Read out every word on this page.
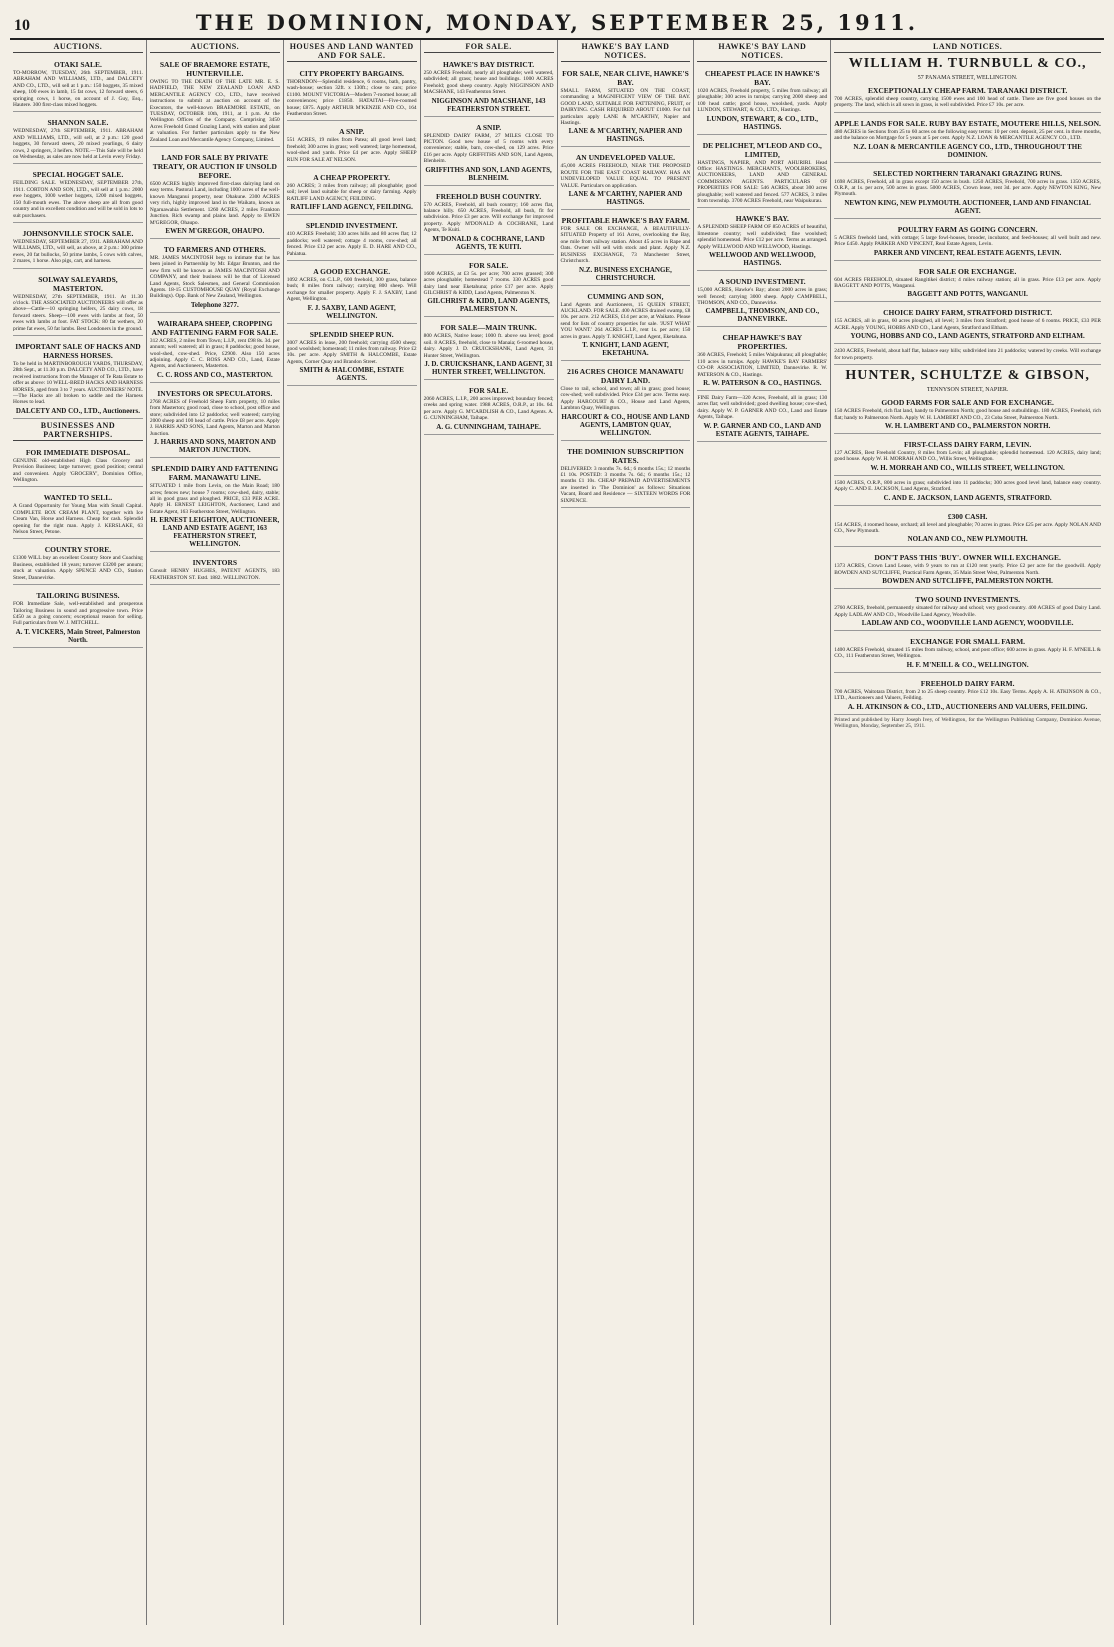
10	THE DOMINION, MONDAY, SEPTEMBER 25, 1911.
AUCTIONS.
OTAKI SALE.
TO-MORROW, TUESDAY, 26th SEPTEMBER, 1911. ABRAHAM AND WILLIAMS, LTD., and DALCETY AND CO., LTD., will sell at 1 p.m.: 150 hoggets, 35 mixed sheep, 100 ewes in lamb, 15 fat cows, 12 forward steers, 6 springing cows, 1 horse, on account of J. Guy, Esq., Hautere. 300 first-class mixed hoggets.
SHANNON SALE.
WEDNESDAY, 27th SEPTEMBER, 1911. ABRAHAM AND WILLIAMS, LTD., will sell, at 2 p.m.: 120 good hoggets, 30 forward steers, 20 mixed yearlings, 6 dairy cows, 2 springers, 3 heifers. NOTE.—This Sale will be held on Wednesday, as sales are now held at Levin every Friday.
SPECIAL HOGGET SALE.
FEILDING SALE. WEDNESDAY, SEPTEMBER 27th, 1911. CORTON AND SON, LTD., will sell at 1 p.m.: 2000 ewe hoggets, 1000 wether hoggets, 1200 mixed hoggets, 150 full-mouth ewes. The above sheep are all from good country and in excellent condition and will be sold in lots to suit purchasers.
JOHNSONVILLE STOCK SALE.
WEDNESDAY, SEPTEMBER 27, 1911. ABRAHAM AND WILLIAMS, LTD., will sell, as above, at 2 p.m.: 300 prime ewes, 20 fat bullocks, 50 prime lambs, 5 cows with calves, 2 mares, 1 horse. Also pigs, cart, and harness.
SOLWAY SALEYARDS, MASTERTON.
WEDNESDAY, 27th SEPTEMBER, 1911. At 11.30 o'clock. THE ASSOCIATED AUCTIONEERS will offer as above—Cattle—10 springing heifers, 25 dairy cows, 18 forward steers. Sheep—100 ewes with lambs at foot, 50 ewes with lambs at foot. FAT STOCK: 80 fat wethers, 20 prime fat ewes, 50 fat lambs. Best Londoners in the ground.
IMPORTANT SALE OF HACKS AND HARNESS HORSES.
To be held in MARTINBOROUGH YARDS, THURSDAY, 28th Sept., at 11.30 p.m. DALCETY AND CO., LTD., have received instructions from the Manager of Te Rata Estate to offer as above: 10 WELL-BRED HACKS AND HARNESS HORSES, aged from 3 to 7 years. AUCTIONEERS' NOTE.—The Hacks are all broken to saddle and the Harness Horses to lead.
DALCETY AND CO., LTD., Auctioneers.
BUSINESSES AND PARTNERSHIPS.
FOR IMMEDIATE DISPOSAL.
GENUINE old-established High Class Grocery and Provision Business; large turnover; good position; central and convenient. Apply 'GROCERY', Dominion Office, Wellington.
WANTED TO SELL.
A Grand Opportunity for Young Man with Small Capital. COMPLETE BOX CREAM PLANT, together with Ice Cream Van, Horse and Harness. Cheap for cash. Splendid opening for the right man. Apply J. KERSLAKE, 63 Nelson Street, Petone.
COUNTRY STORE.
£1300 WILL buy an excellent Country Store and Coaching Business, established 18 years; turnover £3200 per annum; stock at valuation. Apply SPENCE AND CO., Station Street, Dannevirke.
TAILORING BUSINESS.
FOR Immediate Sale, well-established and prosperous Tailoring Business in sound and progressive town. Price £450 as a going concern; exceptional reason for selling. Full particulars from W. J. MITCHELL.
A. T. VICKERS, Main Street, Palmerston North.
AUCTIONS.
SALE OF BRAEMORE ESTATE, HUNTERVILLE.
OWING TO THE DEATH OF THE LATE MR. E. S. HADFIELD, THE NEW ZEALAND LOAN AND MERCANTILE AGENCY CO., LTD., have received instructions to submit at auction on account of the Executors, the well-known BRAEMORE ESTATE, on TUESDAY, OCTOBER 10th, 1911, at 1 p.m. At the Wellington Offices of the Company. Comprising 3450 Acres Freehold Grand Grazing Land, with station and plant at valuation. For further particulars apply to the New Zealand Loan and Mercantile Agency Company, Limited.
LAND FOR SALE BY PRIVATE TREATY, OR AUCTION IF UNSOLD BEFORE.
6500 ACRES highly improved first-class dairying land on easy terms. Pastoral Land, including 1000 acres of the well-known Manganui property, near Ohakune. 2300 ACRES very rich, highly improved land in the Waikato, known as Ngaruawahia Settlement. 1260 ACRES, 2 miles Frankton Junction. Rich swamp and plains land. Apply to EWEN M'GREGOR, Ohaupo.
EWEN M'GREGOR, OHAUPO.
TO FARMERS AND OTHERS.
MR. JAMES MACINTOSH begs to intimate that he has been joined in Partnership by Mr. Edgar Brunton, and the new firm will be known as JAMES MACINTOSH AND COMPANY, and their business will be that of Licensed Land Agents, Stock Salesmen, and General Commission Agents. 18-15 CUSTOMHOUSE QUAY (Royal Exchange Buildings). Opp. Bank of New Zealand, Wellington.
Telephone 3277.
WAIRARAPA SHEEP, CROPPING AND FATTENING FARM FOR SALE.
312 ACRES, 2 miles from Town; L.I.P., rent £98 8s. 3d. per annum; well watered; all in grass; 8 paddocks; good house, wool-shed, cow-shed. Price, £2900. Also 150 acres adjoining. Apply C. C. ROSS AND CO., Land, Estate Agents, and Auctioneers, Masterton.
C. C. ROSS AND CO., MASTERTON.
INVESTORS OR SPECULATORS.
2768 ACRES of Freehold Sheep Farm property, 10 miles from Masterton; good road, close to school, post office and store; subdivided into 12 paddocks; well watered; carrying 2000 sheep and 100 head of cattle. Price £8 per acre. Apply J. HARRIS AND SONS, Land Agents, Marton and Marton Junction.
J. HARRIS AND SONS, MARTON AND MARTON JUNCTION.
SPLENDID DAIRY AND FATTENING FARM. MANAWATU LINE.
SITUATED 1 mile from Levin, on the Main Road; 180 acres; fences new; house 7 rooms; cow-shed, dairy, stable; all in good grass and ploughed. PRICE, £33 PER ACRE. Apply H. ERNEST LEIGHTON, Auctioneer, Land and Estate Agent, 163 Featherston Street, Wellington.
H. ERNEST LEIGHTON, AUCTIONEER, LAND AND ESTATE AGENT, 163 FEATHERSTON STREET, WELLINGTON.
INVENTORS
Consult HENRY HUGHES, PATENT AGENTS, 183 FEATHERSTON ST. Estd. 1882. WELLINGTON.
HOUSES AND LAND WANTED AND FOR SALE.
CITY PROPERTY BARGAINS.
THORNDON—Splendid residence, 6 rooms, bath, pantry, wash-house; section 32ft. x 130ft.; close to cars; price £1100. MOUNT VICTORIA—Modern 7-roomed house; all conveniences; price £1850. HATAITAI—Five-roomed house; £875. Apply ARTHUR M'KENZIE AND CO., 164 Featherston Street.
A SNIP.
551 ACRES, 19 miles from Patea; all good level land; freehold; 300 acres in grass; well watered; large homestead, wool-shed and yards. Price £4 per acre. Apply SHEEP RUN FOR SALE AT NELSON.
A CHEAP PROPERTY.
260 ACRES; 3 miles from railway; all ploughable; good soil; level land suitable for sheep or dairy farming. Apply RATLIFF LAND AGENCY, FEILDING.
RATLIFF LAND AGENCY, FEILDING.
SPLENDID INVESTMENT.
410 ACRES Freehold; 330 acres hills and 80 acres flat; 12 paddocks; well watered; cottage 4 rooms, cow-shed; all fenced. Price £12 per acre. Apply E. D. HARE AND CO., Pahiatua.
A GOOD EXCHANGE.
1092 ACRES, on C.L.P., 600 freehold, 300 grass, balance bush; 8 miles from railway; carrying 800 sheep. Will exchange for smaller property. Apply F. J. SAXBY, Land Agent, Wellington.
F. J. SAXBY, LAND AGENT, WELLINGTON.
SPLENDID SHEEP RUN.
3007 ACRES in lease, 200 freehold; carrying 4500 sheep; good woolshed; homestead; 11 miles from railway. Price £2 10s. per acre. Apply SMITH & HALCOMBE, Estate Agents, Corner Quay and Brandon Street.
SMITH & HALCOMBE, ESTATE AGENTS.
FOR SALE.
HAWKE'S BAY DISTRICT.
250 ACRES Freehold, nearly all ploughable; well watered, subdivided; all grass; house and buildings. 1000 ACRES Freehold; good sheep country. Apply NIGGINSON AND MACSHANE, 143 Featherston Street.
NIGGINSON AND MACSHANE, 143 FEATHERSTON STREET.
A SNIP.
SPLENDID DAIRY FARM, 27 MILES CLOSE TO PICTON. Good new house of 5 rooms with every convenience; stable, barn, cow-shed, on 129 acres. Price £16 per acre. Apply GRIFFITHS AND SON, Land Agents, Blenheim.
GRIFFITHS AND SON, LAND AGENTS, BLENHEIM.
FREEHOLD BUSH COUNTRY.
570 ACRES, Freehold, all bush country; 160 acres flat, balance hilly. 650 ACRES, Freehold, all bush, fit for subdivision. Price £3 per acre. Will exchange for improved property. Apply M'DONALD & COCHRANE, Land Agents, Te Kuiti.
M'DONALD & COCHRANE, LAND AGENTS, TE KUITI.
FOR SALE.
1600 ACRES, at £3 5s. per acre; 700 acres grassed; 300 acres ploughable; homestead 7 rooms. 330 ACRES good dairy land near Eketahuna; price £17 per acre. Apply GILCHRIST & KIDD, Land Agents, Palmerston N.
GILCHRIST & KIDD, LAND AGENTS, PALMERSTON N.
FOR SALE—MAIN TRUNK.
800 ACRES, Native lease; 1000 ft. above sea level; good soil. 8 ACRES, freehold, close to Manaia; 6-roomed house, dairy. Apply J. D. CRUICKSHANK, Land Agent, 31 Hunter Street, Wellington.
J. D. CRUICKSHANK, LAND AGENT, 31 HUNTER STREET, WELLINGTON.
FOR SALE.
2060 ACRES, L.I.P., 200 acres improved; boundary fenced; creeks and spring water. 1988 ACRES, O.R.P., at 10s. 6d. per acre. Apply G. M'CARDLISH & CO., Land Agents. A. G. CUNNINGHAM, Taihape.
A. G. CUNNINGHAM, TAIHAPE.
HAWKE'S BAY LAND NOTICES.
FOR SALE, NEAR CLIVE, HAWKE'S BAY.
SMALL FARM, SITUATED ON THE COAST, commanding a MAGNIFICENT VIEW OF THE BAY. GOOD LAND, SUITABLE FOR FATTENING, FRUIT, or DAIRYING. CASH REQUIRED ABOUT £1000. For full particulars apply LANE & M'CARTHY, Napier and Hastings.
LANE & M'CARTHY, NAPIER AND HASTINGS.
AN UNDEVELOPED VALUE.
45,000 ACRES FREEHOLD, NEAR THE PROPOSED ROUTE FOR THE EAST COAST RAILWAY. HAS AN UNDEVELOPED VALUE EQUAL TO PRESENT VALUE. Particulars on application.
LANE & M'CARTHY, NAPIER AND HASTINGS.
PROFITABLE HAWKE'S BAY FARM.
FOR SALE OR EXCHANGE, A BEAUTIFULLY-SITUATED Property of 161 Acres, overlooking the Bay, one mile from railway station. About 45 acres in Rape and Oats. Owner will sell with stock and plant. Apply N.Z. BUSINESS EXCHANGE, 73 Manchester Street, Christchurch.
N.Z. BUSINESS EXCHANGE, CHRISTCHURCH.
CUMMING AND SON,
Land Agents and Auctioneers, 15 QUEEN STREET, AUCKLAND. FOR SALE. 400 ACRES drained swamp, £8 10s. per acre. 212 ACRES, £14 per acre, at Waikato. Please send for lists of country properties for sale. 'JUST WHAT YOU WANT.' 264 ACRES L.I.P., rent 1s. per acre; 150 acres in grass. Apply T. KNIGHT, Land Agent, Eketahuna.
T. KNIGHT, LAND AGENT, EKETAHUNA.
216 ACRES CHOICE MANAWATU DAIRY LAND.
Close to rail, school, and town; all in grass; good house; cow-shed; well subdivided. Price £34 per acre. Terms easy. Apply HARCOURT & CO., House and Land Agents, Lambton Quay, Wellington.
HARCOURT & CO., HOUSE AND LAND AGENTS, LAMBTON QUAY, WELLINGTON.
THE DOMINION SUBSCRIPTION RATES.
DELIVERED: 3 months 7s. 6d.; 6 months 15s.; 12 months £1 10s. POSTED: 3 months 7s. 6d.; 6 months 15s.; 12 months £1 10s. CHEAP PREPAID ADVERTISEMENTS are inserted in 'The Dominion' as follows: Situations Vacant, Board and Residence — SIXTEEN WORDS FOR SIXPENCE.
HAWKE'S BAY LAND NOTICES.
CHEAPEST PLACE IN HAWKE'S BAY.
1020 ACRES, Freehold property, 5 miles from railway; all ploughable; 300 acres in turnips; carrying 2000 sheep and 100 head cattle; good house, woolshed, yards. Apply LUNDON, STEWART, & CO., LTD., Hastings.
LUNDON, STEWART, & CO., LTD., HASTINGS.
DE PELICHET, M'LEOD AND CO., LIMITED,
HASTINGS, NAPIER, AND PORT AHURIRI. Head Office: HASTINGS. MERCHANTS, WOOLBROKERS, AUCTIONEERS, LAND AND GENERAL COMMISSION AGENTS. PARTICULARS OF PROPERTIES FOR SALE: 546 ACRES, about 300 acres ploughable; well watered and fenced. 577 ACRES, 3 miles from township. 3700 ACRES Freehold, near Waipukurau.
HAWKE'S BAY.
A SPLENDID SHEEP FARM OF 850 ACRES of beautiful, limestone country; well subdivided; fine woolshed; splendid homestead. Price £12 per acre. Terms as arranged. Apply WELLWOOD AND WELLWOOD, Hastings.
WELLWOOD AND WELLWOOD, HASTINGS.
A SOUND INVESTMENT.
15,000 ACRES, Hawke's Bay; about 2000 acres in grass; well fenced; carrying 3000 sheep. Apply CAMPBELL, THOMSON, AND CO., Dannevirke.
CAMPBELL, THOMSON, AND CO., DANNEVIRKE.
CHEAP HAWKE'S BAY PROPERTIES.
360 ACRES, Freehold; 5 miles Waipukurau; all ploughable; 110 acres in turnips. Apply HAWKE'S BAY FARMERS' CO-OP. ASSOCIATION, LIMITED, Dannevirke. R. W. PATERSON & CO., Hastings.
R. W. PATERSON & CO., HASTINGS.
FINE Dairy Farm—320 Acres, Freehold, all in grass; 130 acres flat; well subdivided; good dwelling house; cow-shed, dairy. Apply W. P. GARNER AND CO., Land and Estate Agents, Taihape.
W. P. GARNER AND CO., LAND AND ESTATE AGENTS, TAIHAPE.
LAND NOTICES.
WILLIAM H. TURNBULL & CO.,
57 PANAMA STREET, WELLINGTON.
EXCEPTIONALLY CHEAP FARM. TARANAKI DISTRICT.
700 ACRES, splendid sheep country, carrying 1500 ewes and 100 head of cattle. There are five good houses on the property. The land, which is all sown in grass, is well subdivided. Price £7 10s. per acre.
APPLE LANDS FOR SALE. RUBY BAY ESTATE, MOUTERE HILLS, NELSON.
480 ACRES in Sections from 25 to 60 acres on the following easy terms: 10 per cent. deposit, 25 per cent. in three months, and the balance on Mortgage for 5 years at 5 per cent. Apply N.Z. LOAN & MERCANTILE AGENCY CO., LTD.
N.Z. LOAN & MERCANTILE AGENCY CO., LTD., THROUGHOUT THE DOMINION.
SELECTED NORTHERN TARANAKI GRAZING RUNS.
1698 ACRES, Freehold, all in grass except 150 acres in bush. 1250 ACRES, Freehold, 700 acres in grass. 1350 ACRES, O.R.P., at 1s. per acre, 500 acres in grass. 5000 ACRES, Crown lease, rent 3d. per acre. Apply NEWTON KING, New Plymouth.
NEWTON KING, NEW PLYMOUTH. AUCTIONEER, LAND AND FINANCIAL AGENT.
POULTRY FARM AS GOING CONCERN.
5 ACRES freehold land, with cottage; 5 large fowl-houses, brooder, incubator, and feed-houses; all well built and new. Price £450. Apply PARKER AND VINCENT, Real Estate Agents, Levin.
PARKER AND VINCENT, REAL ESTATE AGENTS, LEVIN.
FOR SALE OR EXCHANGE.
604 ACRES FREEHOLD, situated Rangitikei district; 4 miles railway station; all in grass. Price £13 per acre. Apply BAGGETT AND POTTS, Wanganui.
BAGGETT AND POTTS, WANGANUI.
CHOICE DAIRY FARM, STRATFORD DISTRICT.
155 ACRES, all in grass, 60 acres ploughed, all level; 3 miles from Stratford; good house of 6 rooms. PRICE, £33 PER ACRE. Apply YOUNG, HOBBS AND CO., Land Agents, Stratford and Eltham.
YOUNG, HOBBS AND CO., LAND AGENTS, STRATFORD AND ELTHAM.
2430 ACRES, Freehold, about half flat, balance easy hills; subdivided into 21 paddocks; watered by creeks. Will exchange for town property.
HUNTER, SCHULTZE & GIBSON,
TENNYSON STREET, NAPIER.
GOOD FARMS FOR SALE AND FOR EXCHANGE.
150 ACRES Freehold, rich flat land, handy to Palmerston North; good house and outbuildings. 180 ACRES, Freehold, rich flat; handy to Palmerston North. Apply W. H. LAMBERT AND CO., 23 Coba Street, Palmerston North.
W. H. LAMBERT AND CO., PALMERSTON NORTH.
FIRST-CLASS DAIRY FARM, LEVIN.
127 ACRES, Best Freehold Country, 8 miles from Levin; all ploughable; splendid homestead. 120 ACRES, dairy land; good house. Apply W. H. MORRAH AND CO., Willis Street, Wellington.
W. H. MORRAH AND CO., WILLIS STREET, WELLINGTON.
1500 ACRES, O.R.P., 800 acres in grass; subdivided into 11 paddocks; 300 acres good level land, balance easy country. Apply C. AND E. JACKSON, Land Agents, Stratford.
C. AND E. JACKSON, LAND AGENTS, STRATFORD.
£300 CASH.
154 ACRES, 4 roomed house, orchard; all level and ploughable; 70 acres in grass. Price £25 per acre. Apply NOLAN AND CO., New Plymouth.
NOLAN AND CO., NEW PLYMOUTH.
DON'T PASS THIS 'BUY'. OWNER WILL EXCHANGE.
1373 ACRES, Crown Land Lease, with 9 years to run at £120 rent yearly. Price £2 per acre for the goodwill. Apply BOWDEN AND SUTCLIFFE, Practical Farm Agents, 35 Main Street West, Palmerston North.
BOWDEN AND SUTCLIFFE, PALMERSTON NORTH.
TWO SOUND INVESTMENTS.
2760 ACRES, freehold, permanently situated for railway and school; very good country. 400 ACRES of good Dairy Land. Apply LADLAW AND CO., Woodville Land Agency, Woodville.
LADLAW AND CO., WOODVILLE LAND AGENCY, WOODVILLE.
EXCHANGE FOR SMALL FARM.
1400 ACRES Freehold, situated 15 miles from railway, school, and post office; 600 acres in grass. Apply H. F. M'NEILL & CO., 111 Featherston Street, Wellington.
H. F. M'NEILL & CO., WELLINGTON.
FREEHOLD DAIRY FARM.
700 ACRES, Waitotara District, from 2 to 25 sheep country. Price £12 10s. Easy Terms. Apply A. H. ATKINSON & CO., LTD., Auctioneers and Valuers, Feilding.
A. H. ATKINSON & CO., LTD., AUCTIONEERS AND VALUERS, FEILDING.
Printed and published by Harry Joseph Ivey, of Wellington, for the Wellington Publishing Company, Dominion Avenue, Wellington, Monday, September 25, 1911.
